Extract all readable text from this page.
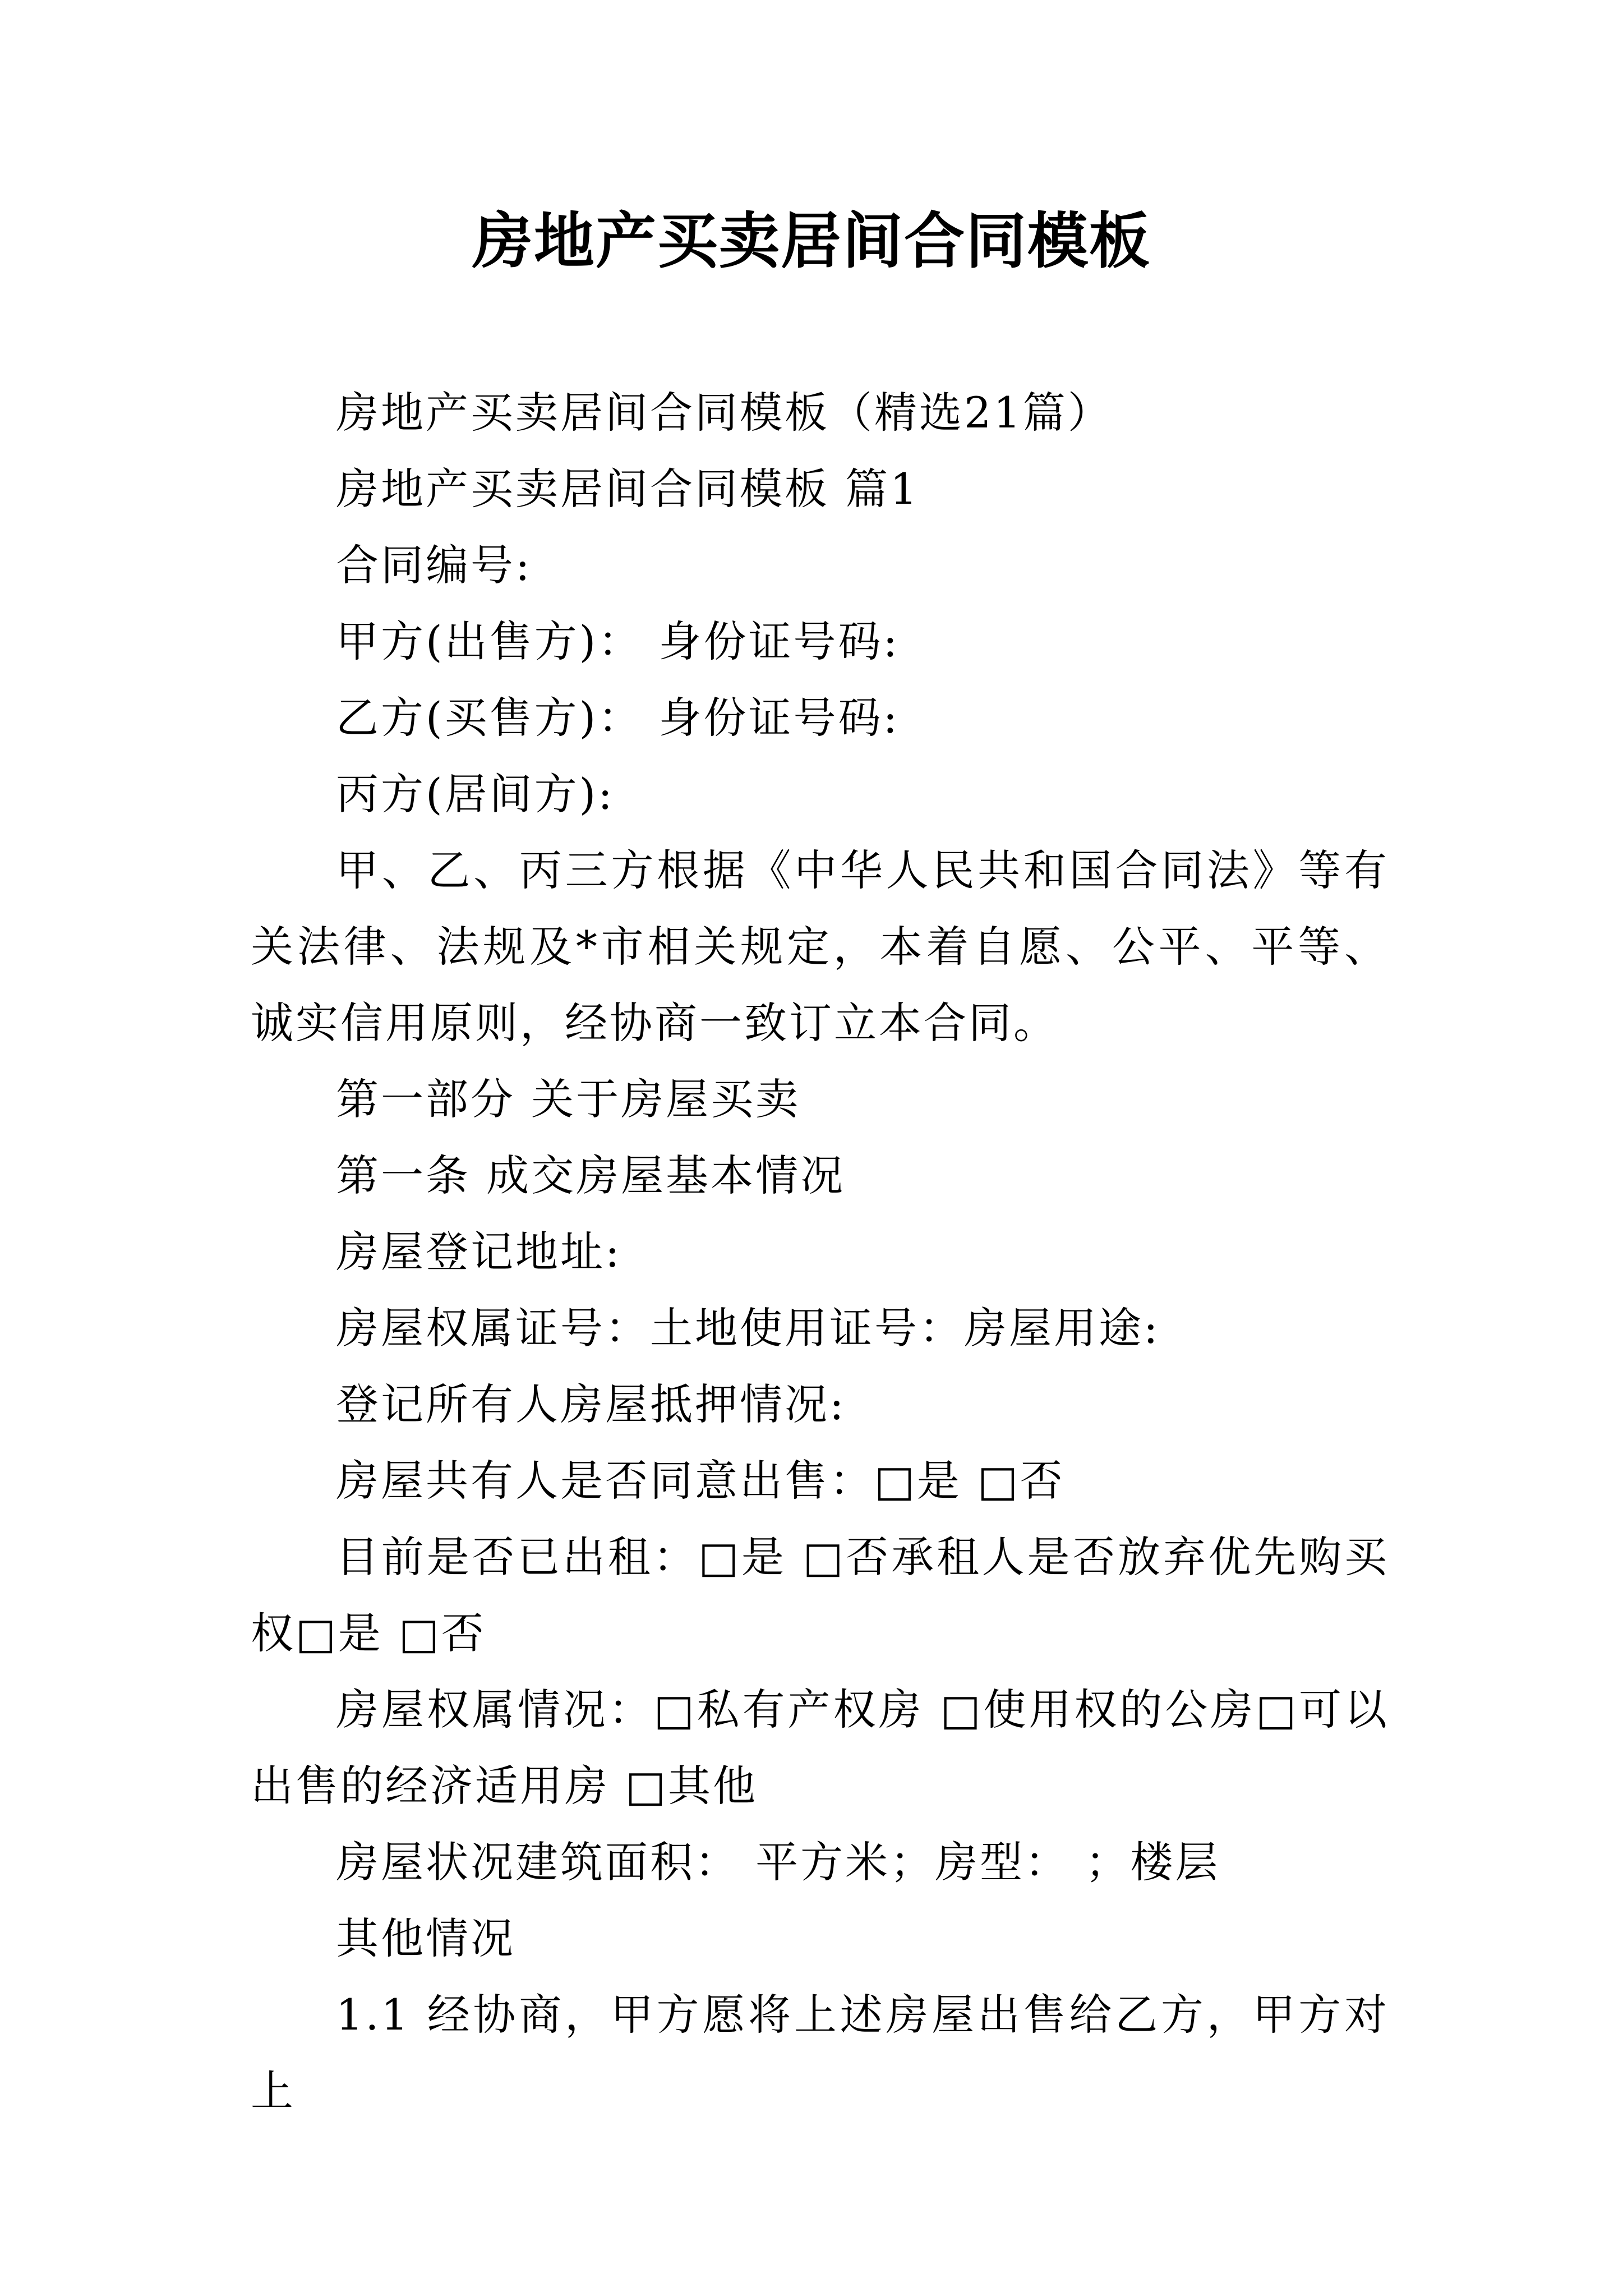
房地产买卖居间合同模板

房地产买卖居间合同模板（精选21篇）

房地产买卖居间合同模板 篇1

合同编号:

甲方(出售方)： 身份证号码:

乙方(买售方)： 身份证号码:

丙方(居间方):

甲、乙、丙三方根据《中华人民共和国合同法》等有关法律、法规及*市相关规定，本着自愿、公平、平等、诚实信用原则，经协商一致订立本合同。

第一部分 关于房屋买卖

第一条 成交房屋基本情况

房屋登记地址:

房屋权属证号：土地使用证号：房屋用途:

登记所有人房屋抵押情况:

房屋共有人是否同意出售：□是 □否

目前是否已出租：□是 □否承租人是否放弃优先购买权□是 □否

房屋权属情况：□私有产权房 □使用权的公房□可以出售的经济适用房 □其他

房屋状况建筑面积： 平方米；房型： ；楼层

其他情况

1.1 经协商，甲方愿将上述房屋出售给乙方，甲方对上
